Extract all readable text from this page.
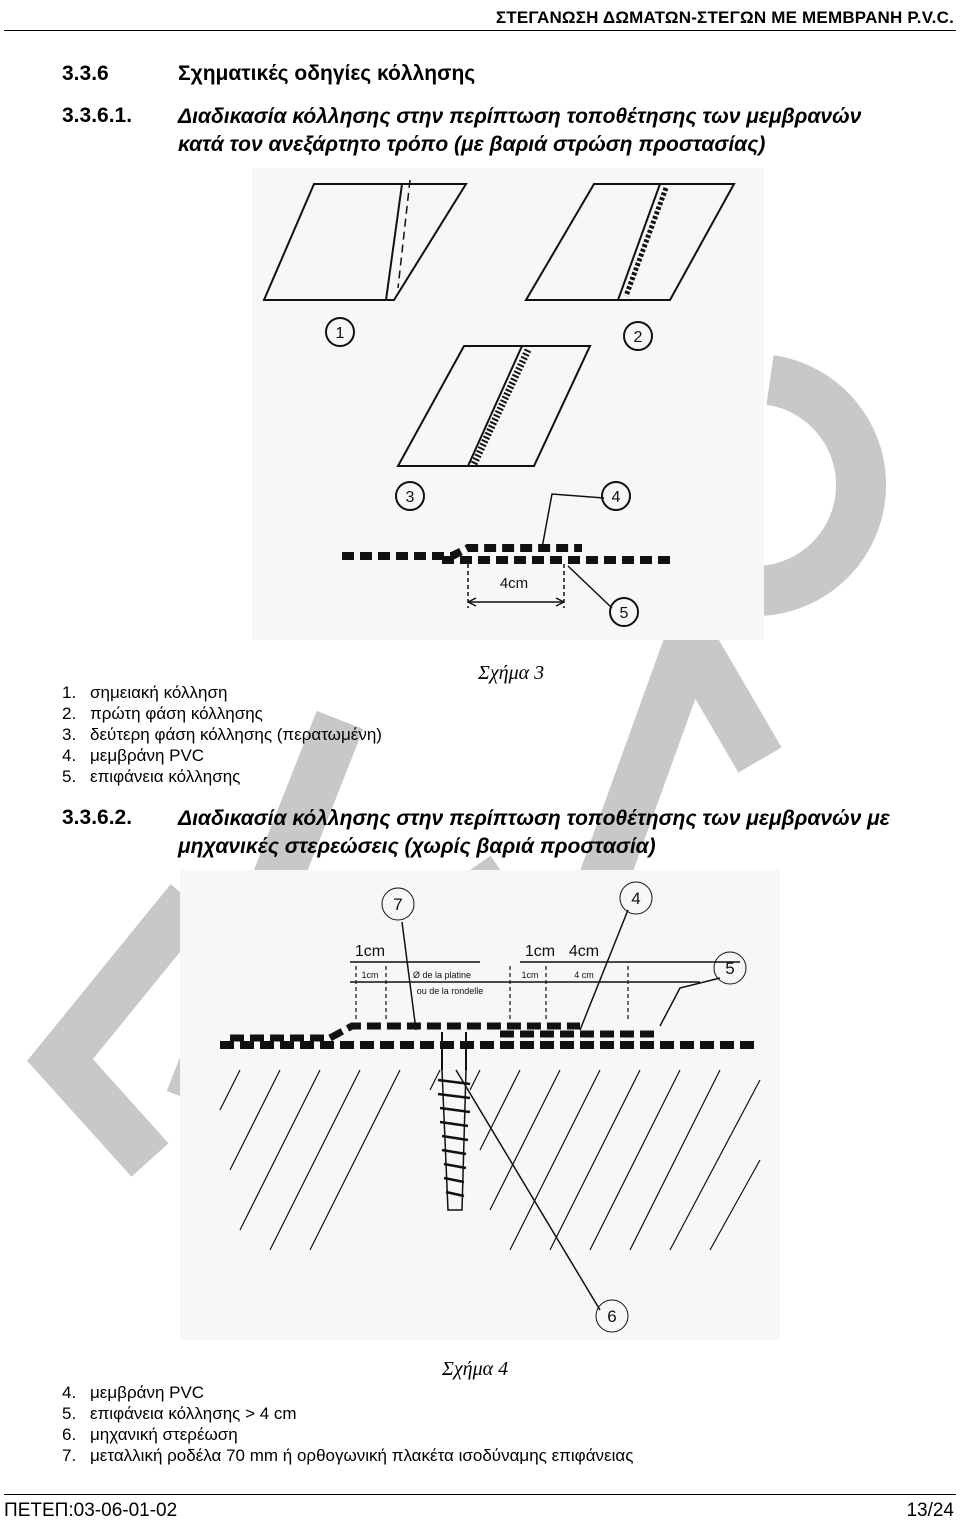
ΣΤΕΓΑΝΩΣΗ ΔΩΜΑΤΩΝ-ΣΤΕΓΩΝ ΜΕ ΜΕΜΒΡΑΝΗ P.V.C.
3.3.6	Σχηματικές οδηγίες κόλλησης
3.3.6.1. Διαδικασία κόλλησης στην περίπτωση τοποθέτησης των μεμβρανών
κατά τον ανεξάρτητο τρόπο (με βαριά στρώση προστασίας)
1	2
3	4
5
4cm
Σχήμα 3
1. σημειακή κόλληση
2. πρώτη φάση κόλλησης
3. δεύτερη φάση κόλλησης (περατωμένη)
4. μεμβράνη PVC
5. επιφάνεια κόλλησης
3.3.6.2. Διαδικασία κόλλησης στην περίπτωση τοποθέτησης των μεμβρανών με
μηχανικές στερεώσεις (χωρίς βαριά προστασία)
7	4
5
6
1cm	1cm 4cm
1cm	Ø de la platine
ou de la rondelle
1cm	4 cm
Σχήμα 4
4. μεμβράνη PVC
5. επιφάνεια κόλλησης > 4 cm
6. μηχανική στερέωση
7. μεταλλική ροδέλα 70 mm ή ορθογωνική πλακέτα ισοδύναμης επιφάνειας
ΠΕΤΕΠ:03-06-01-02	13/24
